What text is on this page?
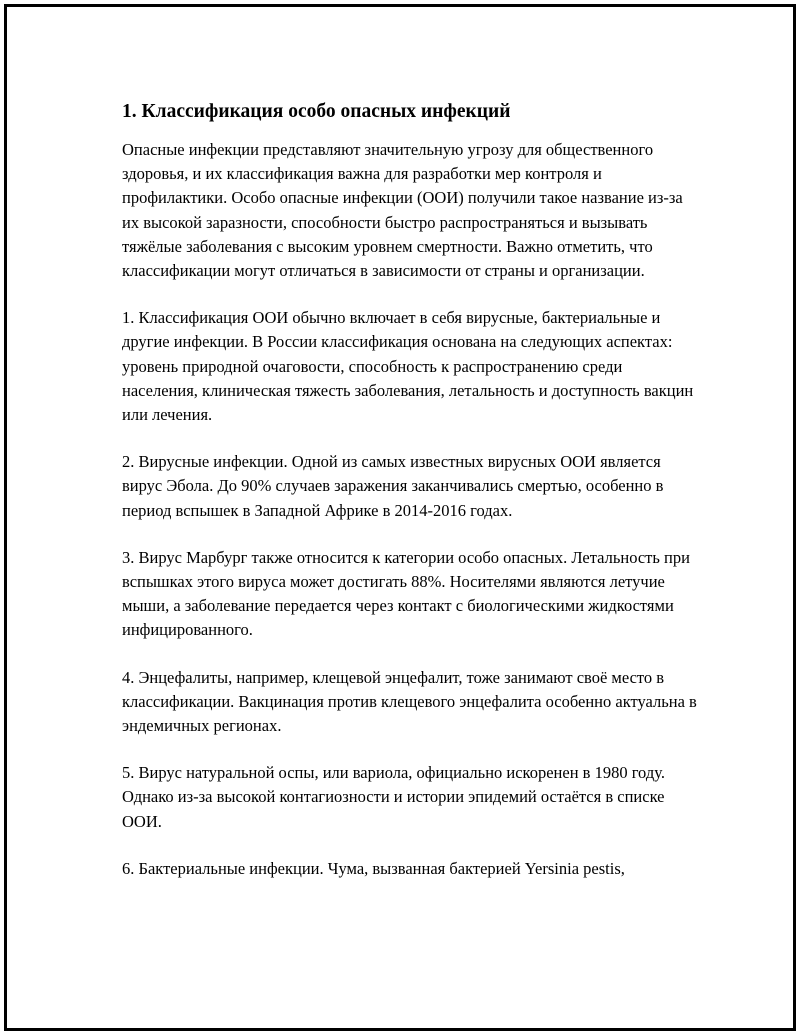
1. Классификация особо опасных инфекций

Опасные инфекции представляют значительную угрозу для общественного здоровья, и их классификация важна для разработки мер контроля и профилактики. Особо опасные инфекции (ООИ) получили такое название из-за их высокой заразности, способности быстро распространяться и вызывать тяжёлые заболевания с высоким уровнем смертности. Важно отметить, что классификации могут отличаться в зависимости от страны и организации.

1. Классификация ООИ обычно включает в себя вирусные, бактериальные и другие инфекции. В России классификация основана на следующих аспектах: уровень природной очаговости, способность к распространению среди населения, клиническая тяжесть заболевания, летальность и доступность вакцин или лечения.

2. Вирусные инфекции. Одной из самых известных вирусных ООИ является вирус Эбола. До 90% случаев заражения заканчивались смертью, особенно в период вспышек в Западной Африке в 2014-2016 годах.

3. Вирус Марбург также относится к категории особо опасных. Летальность при вспышках этого вируса может достигать 88%. Носителями являются летучие мыши, а заболевание передается через контакт с биологическими жидкостями инфицированного.

4. Энцефалиты, например, клещевой энцефалит, тоже занимают своё место в классификации. Вакцинация против клещевого энцефалита особенно актуальна в эндемичных регионах.

5. Вирус натуральной оспы, или вариола, официально искоренен в 1980 году. Однако из-за высокой контагиозности и истории эпидемий остаётся в списке ООИ.

6. Бактериальные инфекции. Чума, вызванная бактерией Yersinia pestis,
